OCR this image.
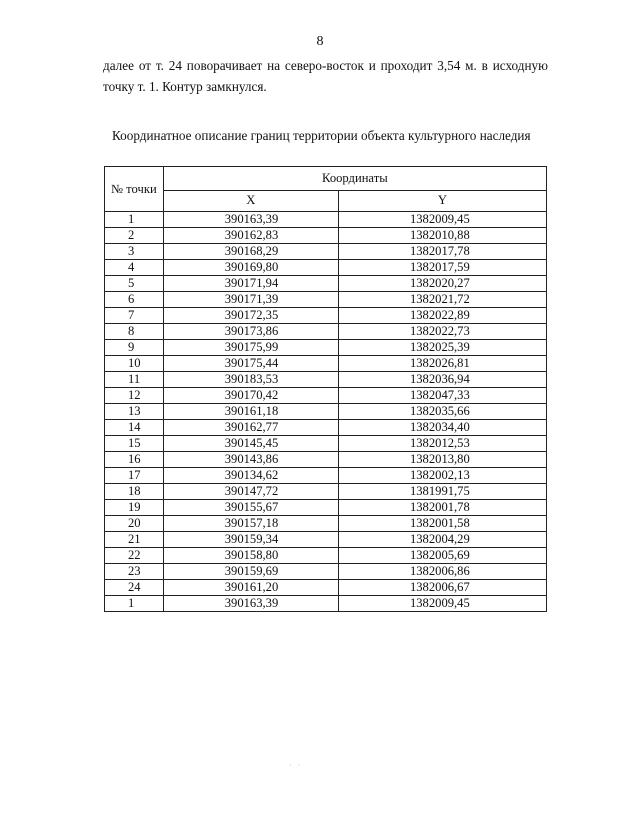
8
далее от т. 24 поворачивает на северо-восток и проходит 3,54 м. в исходную
точку т. 1. Контур замкнулся.
Координатное описание границ территории объекта культурного наследия
№ точки	Координаты	
	X	Y
1	390163,39	1382009,45
2	390162,83	1382010,88
3	390168,29	1382017,78
4	390169,80	1382017,59
5	390171,94	1382020,27
6	390171,39	1382021,72
7	390172,35	1382022,89
8	390173,86	1382022,73
9	390175,99	1382025,39
10	390175,44	1382026,81
11	390183,53	1382036,94
12	390170,42	1382047,33
13	390161,18	1382035,66
14	390162,77	1382034,40
15	390145,45	1382012,53
16	390143,86	1382013,80
17	390134,62	1382002,13
18	390147,72	1381991,75
19	390155,67	1382001,78
20	390157,18	1382001,58
21	390159,34	1382004,29
22	390158,80	1382005,69
23	390159,69	1382006,86
24	390161,20	1382006,67
1	390163,39	1382009,45
· ·
